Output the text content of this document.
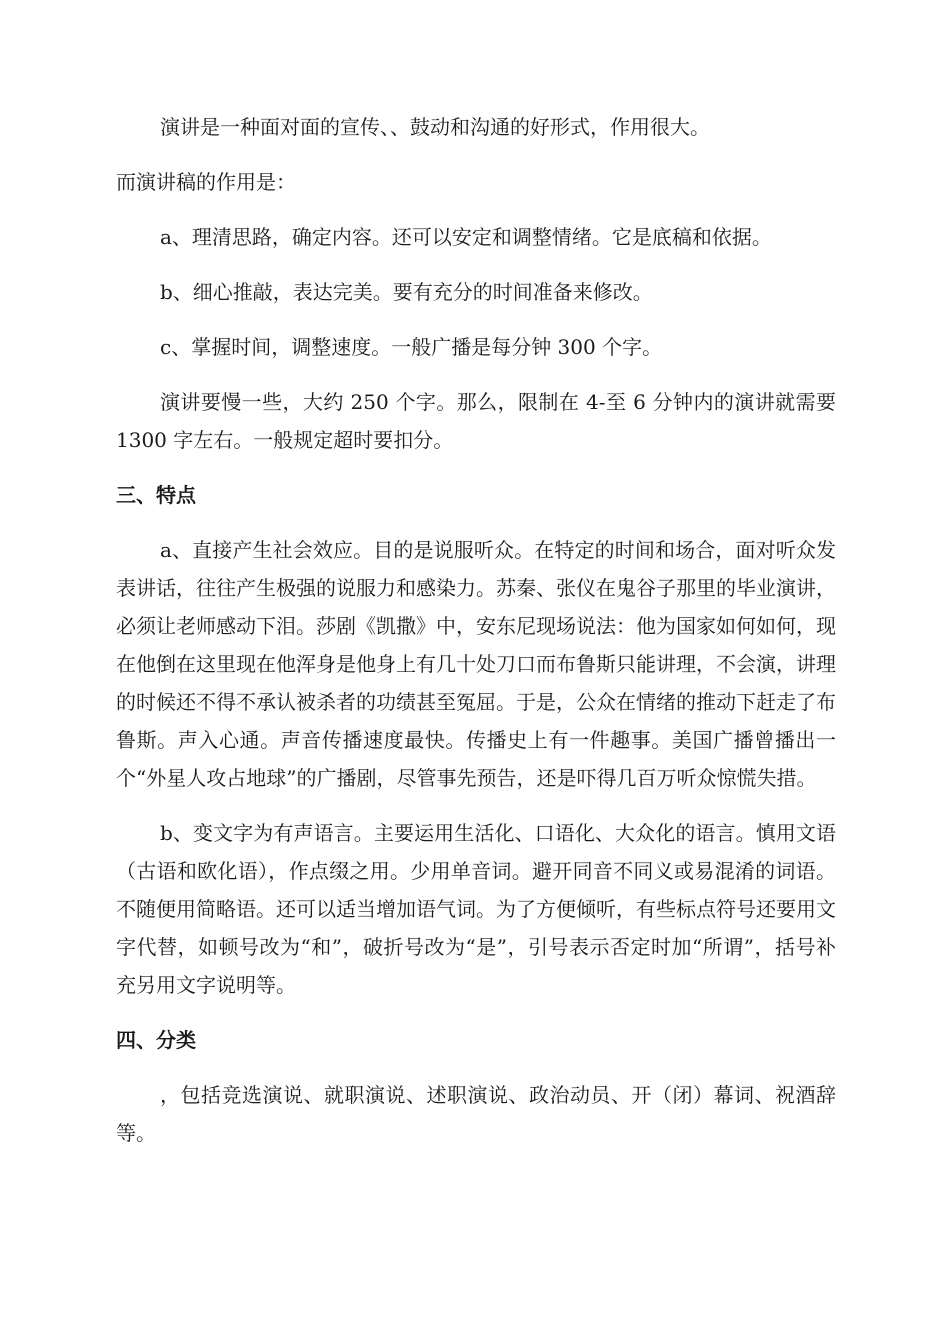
演讲是一种面对面的宣传、、鼓动和沟通的好形式，作用很大。

而演讲稿的作用是：

a、理清思路，确定内容。还可以安定和调整情绪。它是底稿和依据。

b、细心推敲，表达完美。要有充分的时间准备来修改。

c、掌握时间，调整速度。一般广播是每分钟 300 个字。

演讲要慢一些，大约 250 个字。那么，限制在 4-至 6 分钟内的演讲就需要 1300 字左右。一般规定超时要扣分。

三、特点

a、直接产生社会效应。目的是说服听众。在特定的时间和场合，面对听众发表讲话，往往产生极强的说服力和感染力。苏秦、张仪在鬼谷子那里的毕业演讲，必须让老师感动下泪。莎剧《凯撒》中，安东尼现场说法：他为国家如何如何，现在他倒在这里现在他浑身是他身上有几十处刀口而布鲁斯只能讲理，不会演，讲理的时候还不得不承认被杀者的功绩甚至冤屈。于是，公众在情绪的推动下赶走了布鲁斯。声入心通。声音传播速度最快。传播史上有一件趣事。美国广播曾播出一个“外星人攻占地球”的广播剧，尽管事先预告，还是吓得几百万听众惊慌失措。

b、变文字为有声语言。主要运用生活化、口语化、大众化的语言。慎用文语（古语和欧化语），作点缀之用。少用单音词。避开同音不同义或易混淆的词语。不随便用简略语。还可以适当增加语气词。为了方便倾听，有些标点符号还要用文字代替，如顿号改为“和”，破折号改为“是”，引号表示否定时加“所谓”，括号补充另用文字说明等。

四、分类

，包括竞选演说、就职演说、述职演说、政治动员、开（闭）幕词、祝酒辞等。
